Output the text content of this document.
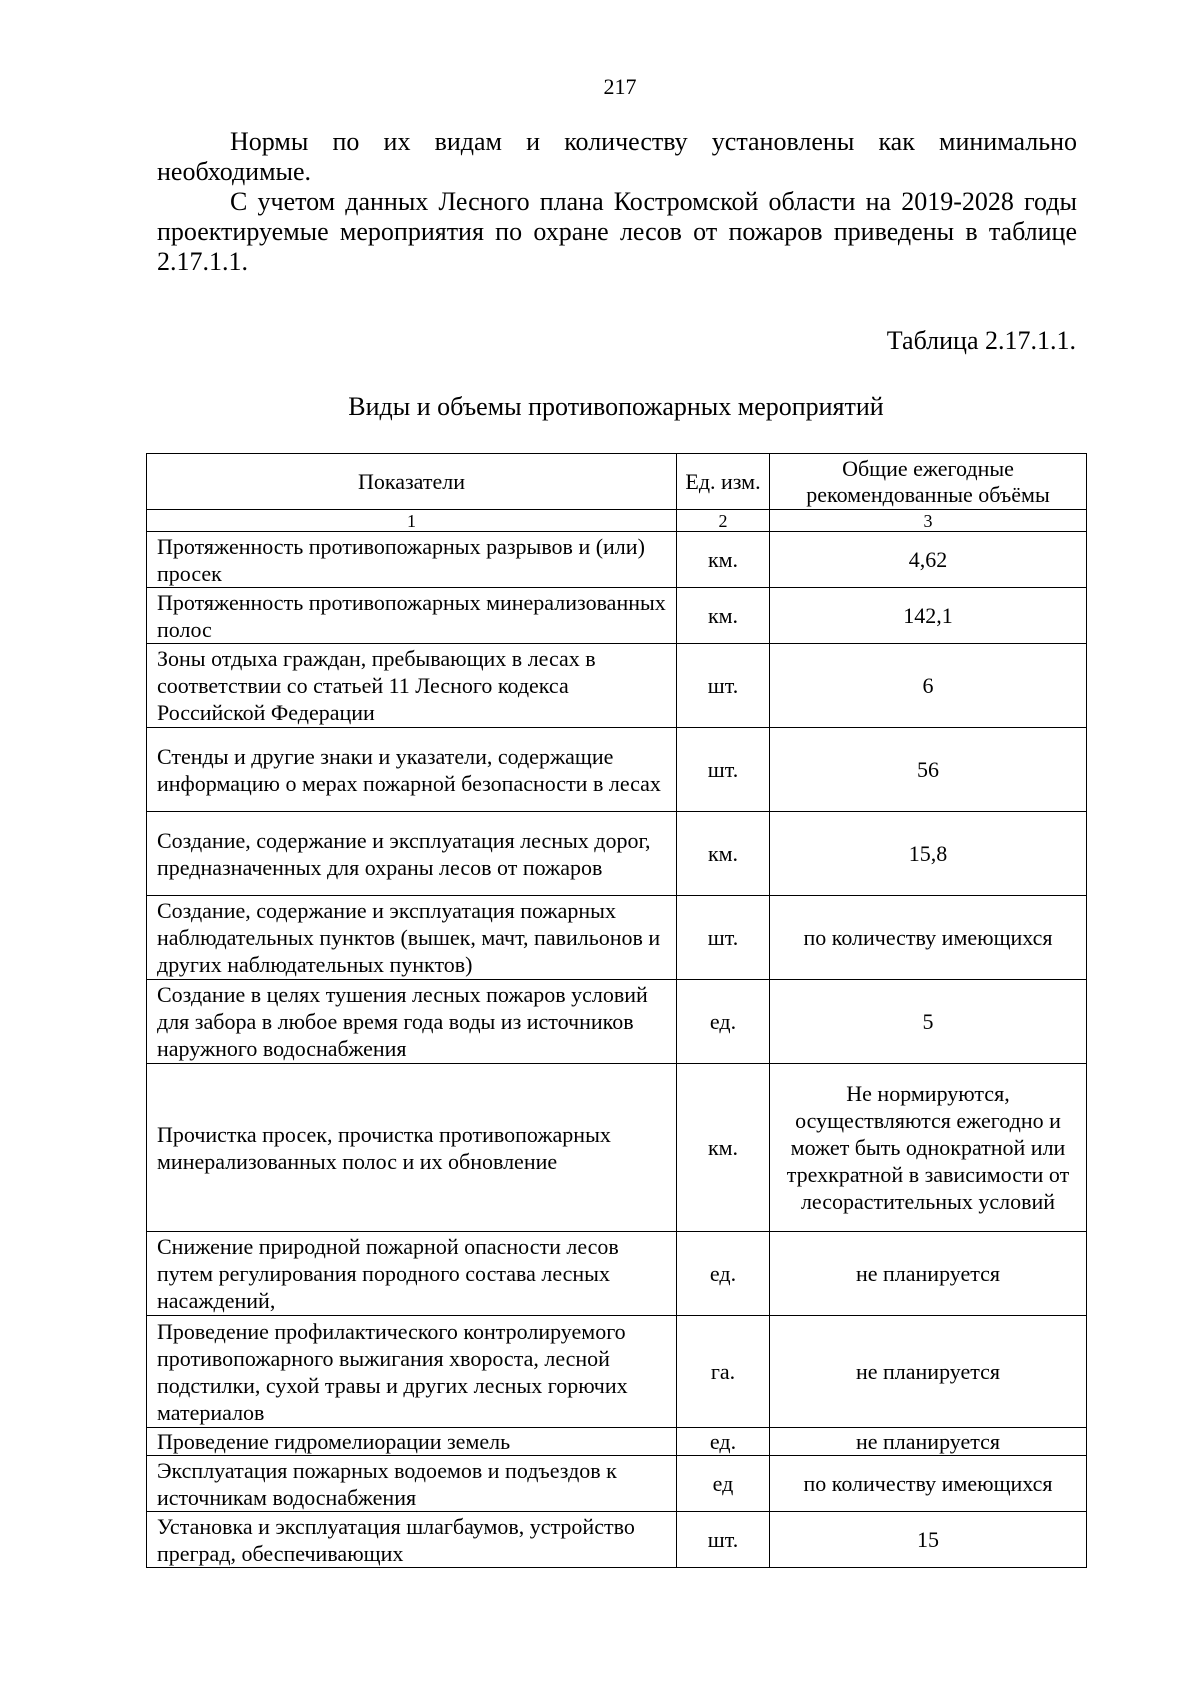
217

Нормы по их видам и количеству установлены как минимально необходимые.

С учетом данных Лесного плана Костромской области на 2019-2028 годы проектируемые мероприятия по охране лесов от пожаров приведены в таблице 2.17.1.1.

Таблица 2.17.1.1.
Виды и объемы противопожарных мероприятий
Показатели	Ед. изм.	Общие ежегодные рекомендованные объёмы
1	2	3
Протяженность противопожарных разрывов и (или) просек	км.	4,62
Протяженность противопожарных минерализованных полос	км.	142,1
Зоны отдыха граждан, пребывающих в лесах в соответствии со статьей 11 Лесного кодекса Российской Федерации	шт.	6
Стенды и другие знаки и указатели, содержащие информацию о мерах пожарной безопасности в лесах	шт.	56
Создание, содержание и эксплуатация лесных дорог, предназначенных для охраны лесов от пожаров	км.	15,8
Создание, содержание и эксплуатация пожарных наблюдательных пунктов (вышек, мачт, павильонов и других наблюдательных пунктов)	шт.	по количеству имеющихся
Создание в целях тушения лесных пожаров условий для забора в любое время года воды из источников наружного водоснабжения	ед.	5
Прочистка просек, прочистка противопожарных минерализованных полос и их обновление	км.	Не нормируются, осуществляются ежегодно и может быть однократной или трехкратной в зависимости от лесорастительных условий
Снижение природной пожарной опасности лесов путем регулирования породного состава лесных насаждений,	ед.	не планируется
Проведение профилактического контролируемого противопожарного выжигания хвороста, лесной подстилки, сухой травы и других лесных горючих материалов	га.	не планируется
Проведение гидромелиорации земель	ед.	не планируется
Эксплуатация пожарных водоемов и подъездов к источникам водоснабжения	ед	по количеству имеющихся
Установка и эксплуатация шлагбаумов, устройство преград, обеспечивающих	шт.	15
